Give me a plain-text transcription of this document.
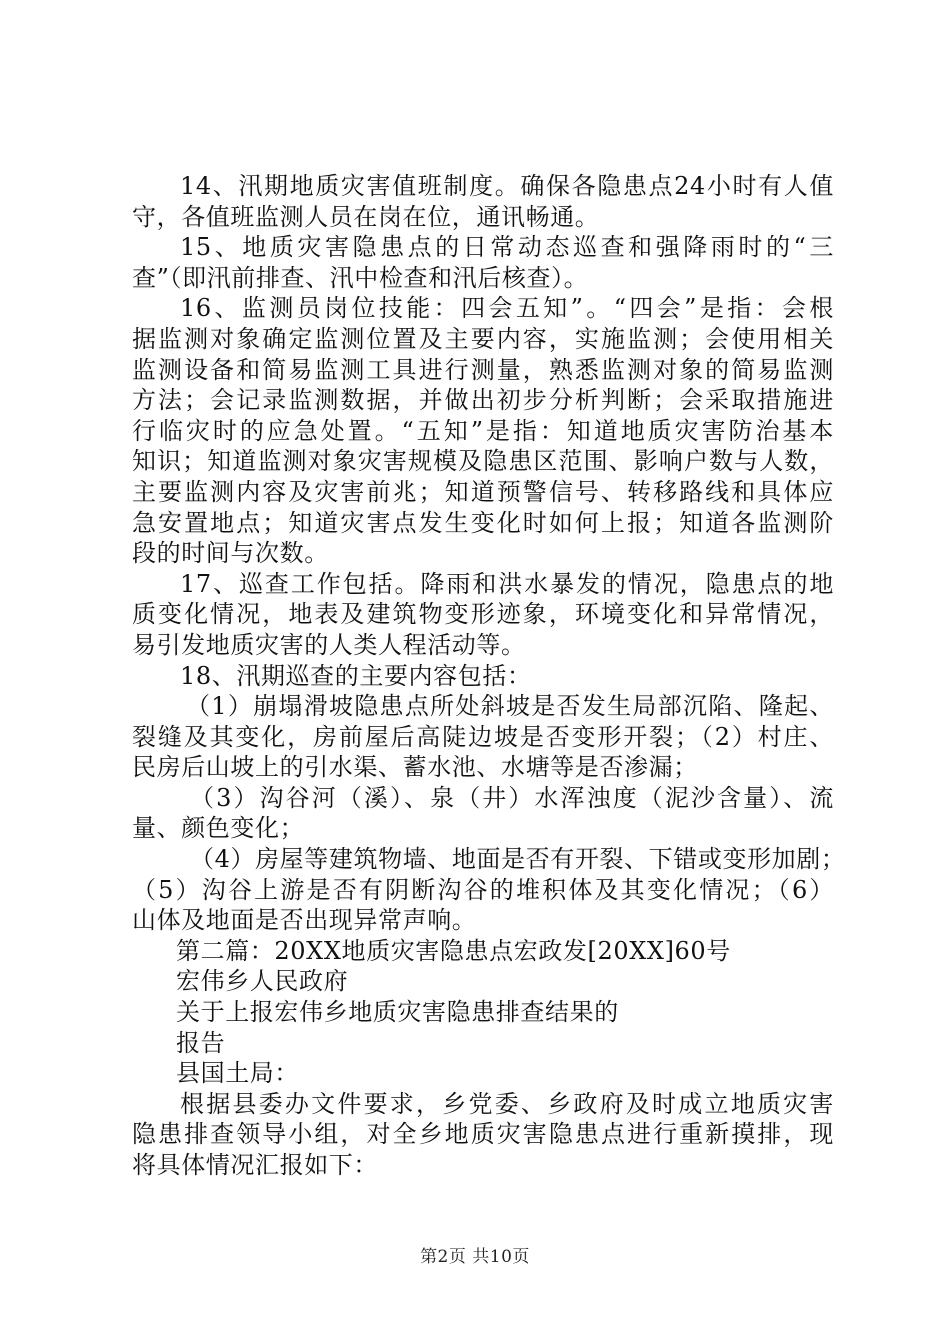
14、汛期地质灾害值班制度。确保各隐患点24小时有人值
守，各值班监测人员在岗在位，通讯畅通。
15、地质灾害隐患点的日常动态巡查和强降雨时的“三
查”（即汛前排查、汛中检查和汛后核查）。
16、监测员岗位技能：四会五知”。“四会”是指：会根
据监测对象确定监测位置及主要内容，实施监测；会使用相关
监测设备和简易监测工具进行测量，熟悉监测对象的简易监测
方法；会记录监测数据，并做出初步分析判断；会采取措施进
行临灾时的应急处置。“五知”是指：知道地质灾害防治基本
知识；知道监测对象灾害规模及隐患区范围、影响户数与人数，
主要监测内容及灾害前兆；知道预警信号、转移路线和具体应
急安置地点；知道灾害点发生变化时如何上报；知道各监测阶
段的时间与次数。
17、巡查工作包括。降雨和洪水暴发的情况，隐患点的地
质变化情况，地表及建筑物变形迹象，环境变化和异常情况，
易引发地质灾害的人类人程活动等。
18、汛期巡查的主要内容包括：
（1）崩塌滑坡隐患点所处斜坡是否发生局部沉陷、隆起、
裂缝及其变化，房前屋后高陡边坡是否变形开裂；（2）村庄、
民房后山坡上的引水渠、蓄水池、水塘等是否渗漏；
（3）沟谷河（溪）、泉（井）水浑浊度（泥沙含量）、流
量、颜色变化；
（4）房屋等建筑物墙、地面是否有开裂、下错或变形加剧；
（5）沟谷上游是否有阴断沟谷的堆积体及其变化情况；（6）
山体及地面是否出现异常声响。
第二篇：20XX地质灾害隐患点宏政发[20XX]60号
宏伟乡人民政府
关于上报宏伟乡地质灾害隐患排查结果的
报告
县国土局：
根据县委办文件要求，乡党委、乡政府及时成立地质灾害
隐患排查领导小组，对全乡地质灾害隐患点进行重新摸排，现
将具体情况汇报如下：
第2页 共10页
